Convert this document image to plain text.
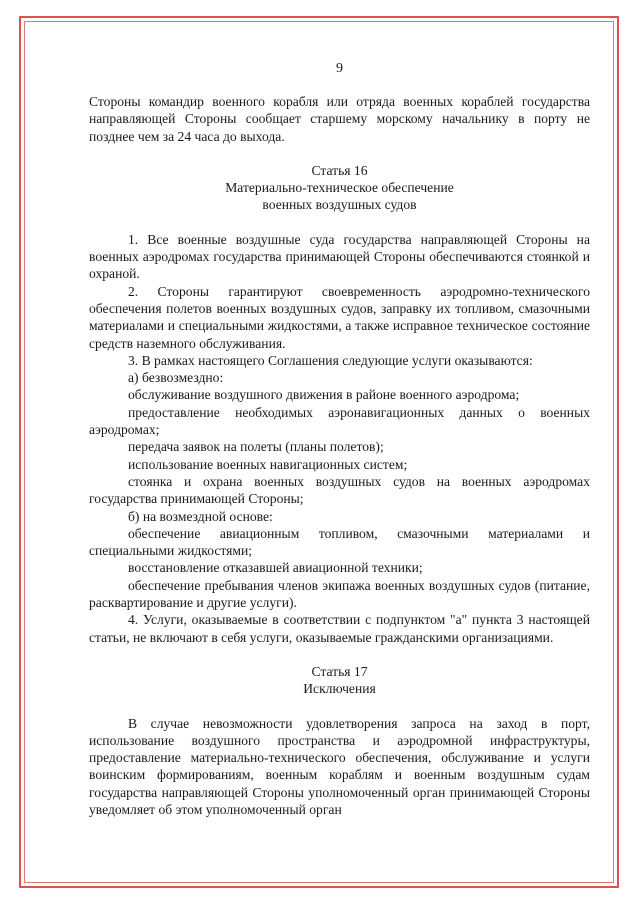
9

Стороны командир военного корабля или отряда военных кораблей государства направляющей Стороны сообщает старшему морскому начальнику в порту не позднее чем за 24 часа до выхода.

Статья 16

Материально-техническое обеспечение

военных воздушных судов

1. Все военные воздушные суда государства направляющей Стороны на военных аэродромах государства принимающей Стороны обеспечиваются стоянкой и охраной.

2. Стороны гарантируют своевременность аэродромно-технического обеспечения полетов военных воздушных судов, заправку их топливом, смазочными материалами и специальными жидкостями, а также исправное техническое состояние средств наземного обслуживания.

3. В рамках настоящего Соглашения следующие услуги оказываются:

а) безвозмездно:

обслуживание воздушного движения в районе военного аэродрома;

предоставление необходимых аэронавигационных данных о военных аэродромах;

передача заявок на полеты (планы полетов);

использование военных навигационных систем;

стоянка и охрана военных воздушных судов на военных аэродромах государства принимающей Стороны;

б) на возмездной основе:

обеспечение авиационным топливом, смазочными материалами и специальными жидкостями;

восстановление отказавшей авиационной техники;

обеспечение пребывания членов экипажа военных воздушных судов (питание, расквартирование и другие услуги).

4. Услуги, оказываемые в соответствии с подпунктом "а" пункта 3 настоящей статьи, не включают в себя услуги, оказываемые гражданскими организациями.

Статья 17

Исключения

В случае невозможности удовлетворения запроса на заход в порт, использование воздушного пространства и аэродромной инфраструктуры, предоставление материально-технического обеспечения, обслуживание и услуги воинским формированиям, военным кораблям и военным воздушным судам государства направляющей Стороны уполномоченный орган принимающей Стороны уведомляет об этом уполномоченный орган
